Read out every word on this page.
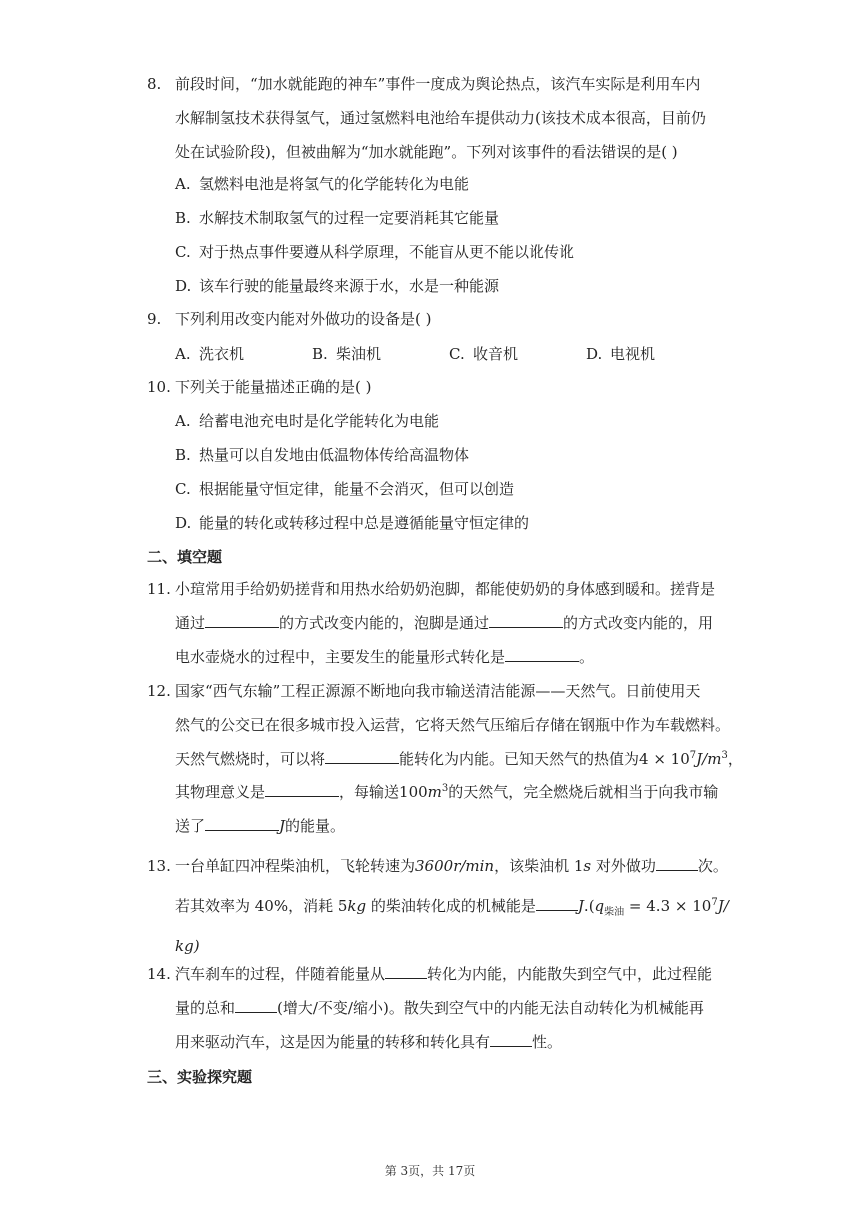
8. 前段时间，“加水就能跑的神车”事件一度成为舆论热点，该汽车实际是利用车内
水解制氢技术获得氢气，通过氢燃料电池给车提供动力(该技术成本很高，目前仍
处在试验阶段)，但被曲解为“加水就能跑”。下列对该事件的看法错误的是( )
A. 氢燃料电池是将氢气的化学能转化为电能
B. 水解技术制取氢气的过程一定要消耗其它能量
C. 对于热点事件要遵从科学原理，不能盲从更不能以讹传讹
D. 该车行驶的能量最终来源于水，水是一种能源
9. 下列利用改变内能对外做功的设备是( )
A. 洗衣机	B. 柴油机	C. 收音机	D. 电视机
10. 下列关于能量描述正确的是( )
A. 给蓄电池充电时是化学能转化为电能
B. 热量可以自发地由低温物体传给高温物体
C. 根据能量守恒定律，能量不会消灭，但可以创造
D. 能量的转化或转移过程中总是遵循能量守恒定律的
二、填空题
11. 小瑄常用手给奶奶搓背和用热水给奶奶泡脚，都能使奶奶的身体感到暖和。搓背是
通过	的方式改变内能的，泡脚是通过	的方式改变内能的，用
电水壶烧水的过程中，主要发生的能量形式转化是	。
12. 国家“西气东输”工程正源源不断地向我市输送清洁能源——天然气。日前使用天
然气的公交已在很多城市投入运营，它将天然气压缩后存储在钢瓶中作为车载燃料。
天然气燃烧时，可以将	能转化为内能。已知天然气的热值为$4 \times 10^7J/m^3$，
其物理意义是	，每输送$100m^3$的天然气，完全燃烧后就相当于向我市输
送了	J的能量。
13. 一台单缸四冲程柴油机，飞轮转速为3600r/min，该柴油机 1s 对外做功	次。
若其效率为 40%，消耗 5kg 的柴油转化成的机械能是	$J.(q_{柴油} = 4.3 \times 10^7J/$
kg)
14. 汽车刹车的过程，伴随着能量从	转化为内能，内能散失到空气中，此过程能
量的总和	(增大/不变/缩小)。散失到空气中的内能无法自动转化为机械能再
用来驱动汽车，这是因为能量的转移和转化具有	性。
三、实验探究题
第 3页，共 17页
